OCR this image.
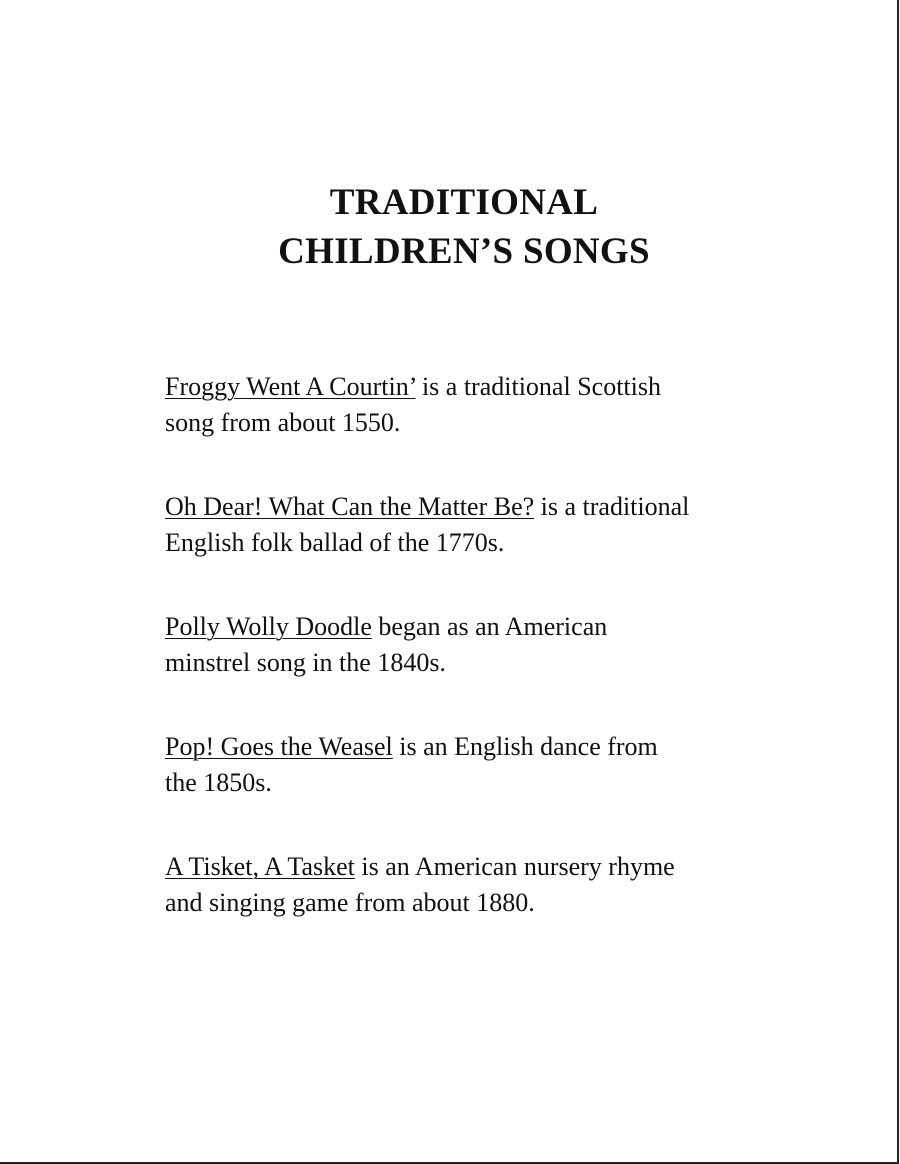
TRADITIONAL
CHILDREN’S SONGS

Froggy Went A Courtin’ is a traditional Scottish
song from about 1550.

Oh Dear! What Can the Matter Be? is a traditional
English folk ballad of the 1770s.

Polly Wolly Doodle began as an American
minstrel song in the 1840s.

Pop! Goes the Weasel is an English dance from
the 1850s.

A Tisket, A Tasket is an American nursery rhyme
and singing game from about 1880.
